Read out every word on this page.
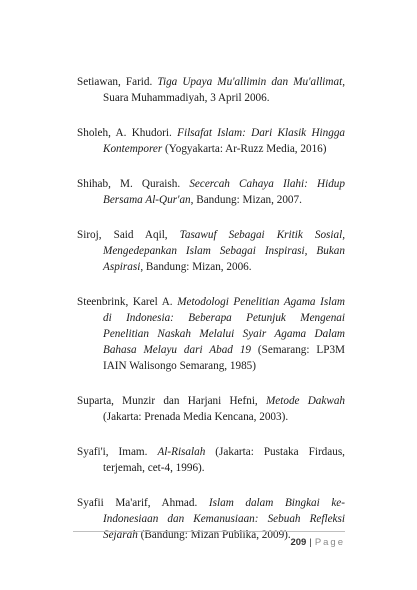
Setiawan, Farid. Tiga Upaya Mu'allimin dan Mu'allimat, Suara Muhammadiyah, 3 April 2006.

Sholeh, A. Khudori. Filsafat Islam: Dari Klasik Hingga Kontemporer (Yogyakarta: Ar-Ruzz Media, 2016)

Shihab, M. Quraish. Secercah Cahaya Ilahi: Hidup Bersama Al-Qur'an, Bandung: Mizan, 2007.

Siroj, Said Aqil, Tasawuf Sebagai Kritik Sosial, Mengedepankan Islam Sebagai Inspirasi, Bukan Aspirasi, Bandung: Mizan, 2006.

Steenbrink, Karel A. Metodologi Penelitian Agama Islam di Indonesia: Beberapa Petunjuk Mengenai Penelitian Naskah Melalui Syair Agama Dalam Bahasa Melayu dari Abad 19 (Semarang: LP3M IAIN Walisongo Semarang, 1985)

Suparta, Munzir dan Harjani Hefni, Metode Dakwah (Jakarta: Prenada Media Kencana, 2003).

Syafi'i, Imam. Al-Risalah (Jakarta: Pustaka Firdaus, terjemah, cet-4, 1996).

Syafii Ma'arif, Ahmad. Islam dalam Bingkai ke-Indonesiaan dan Kemanusiaan: Sebuah Refleksi Sejarah (Bandung: Mizan Publika, 2009).

209 | Page
